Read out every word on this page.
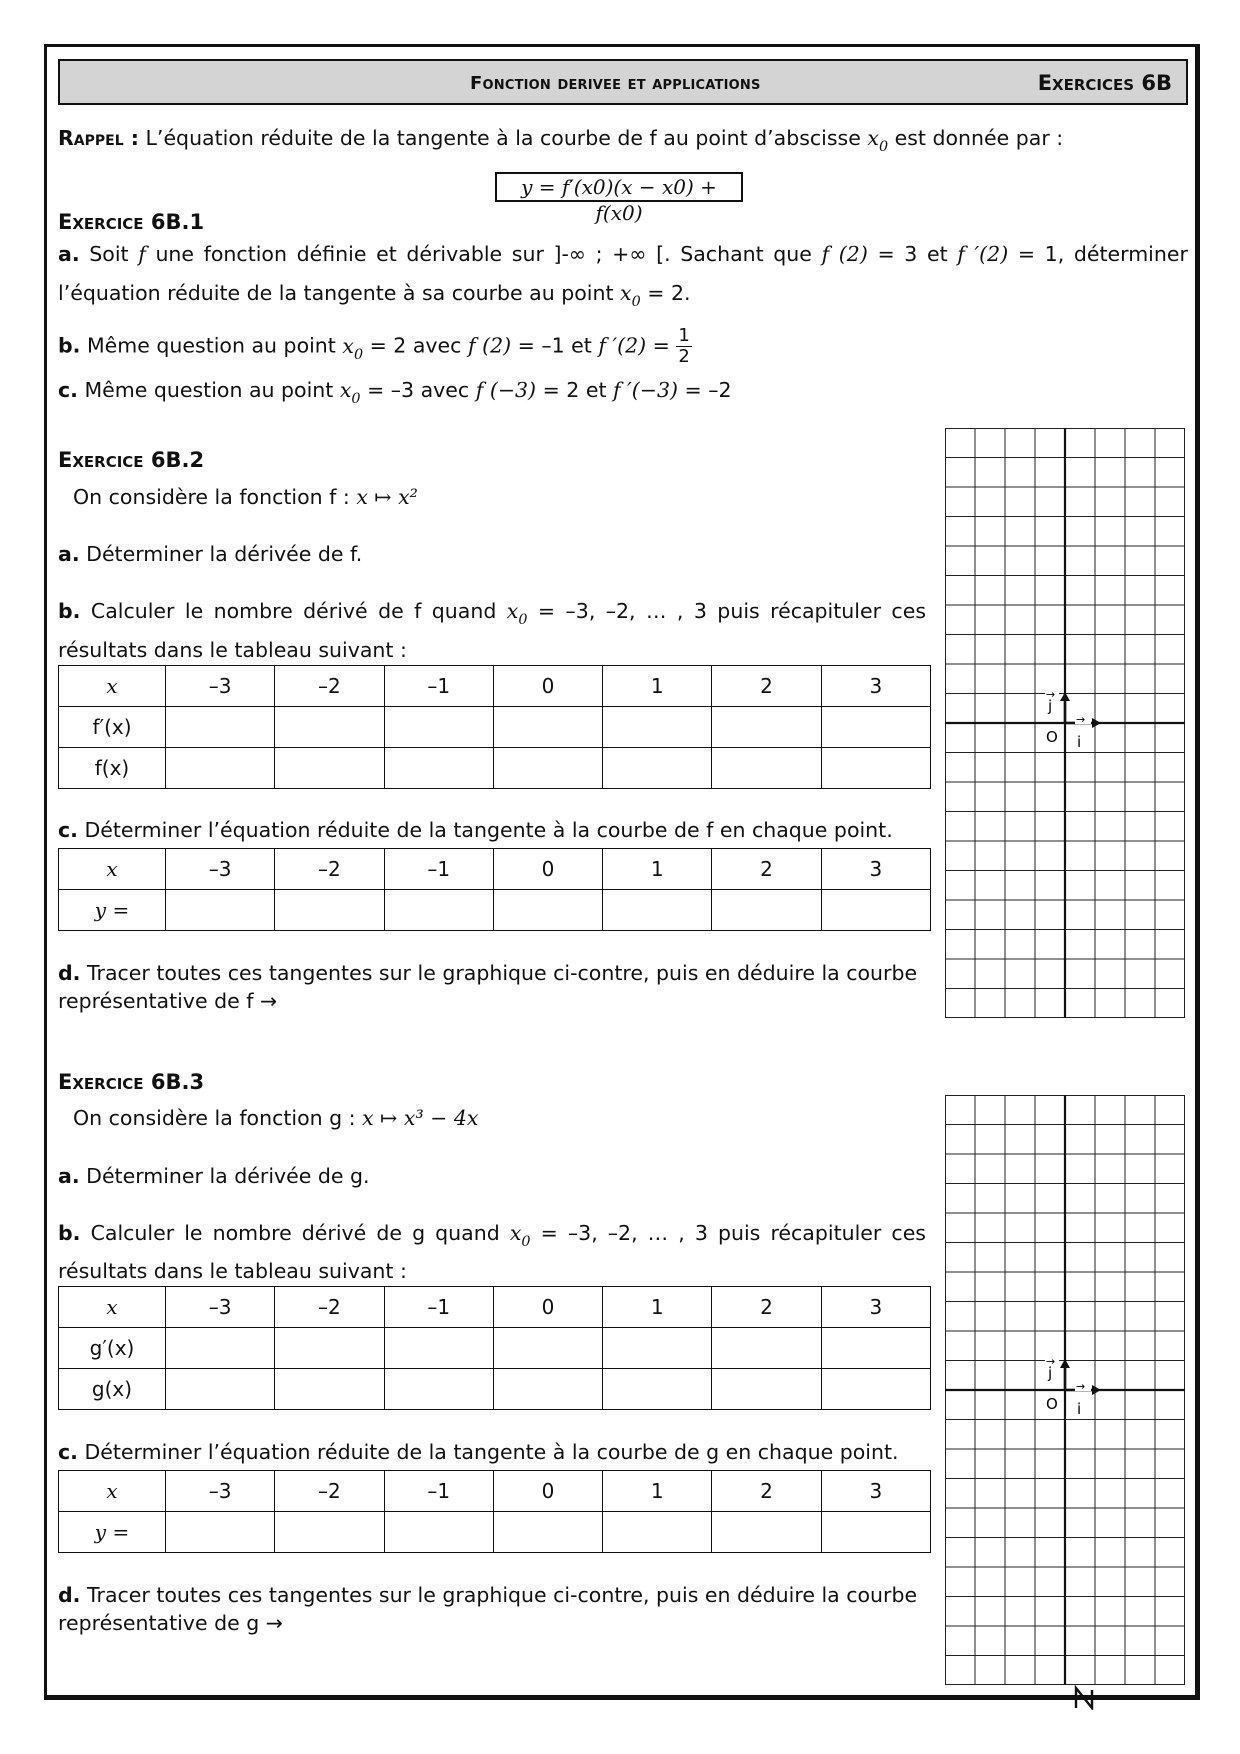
Fonction derivee et applications	Exercices 6B
Rappel : L’équation réduite de la tangente à la courbe de f au point d’abscisse $x_0$ est donnée par :
y = f′(x0)(x − x0) + f(x0)
Exercice 6B.1
a. Soit f une fonction définie et dérivable sur ]-∞ ; +∞ [. Sachant que f (2) = 3 et f ′(2) = 1, déterminer
l’équation réduite de la tangente à sa courbe au point $x_0 = 2$.
b. Même question au point $x_0 = 2$ avec f (2) = –1 et f $'(2) = \frac{1}{2}$
c. Même question au point $x_0 = -3$ avec f (−3) = 2 et f ′(−3) = –2
Exercice 6B.2
On considère la fonction f : x ↦ x²
a. Déterminer la dérivée de f.
b. Calculer le nombre dérivé de f quand $x_0 = -3$, –2, … , 3 puis récapituler ces
résultats dans le tableau suivant :
x	–3	–2	–1	0	1	2	3
f′(x)							
f(x)							
c. Déterminer l’équation réduite de la tangente à la courbe de f en chaque point.
x	–3	–2	–1	0	1	2	3
y =							
d. Tracer toutes ces tangentes sur le graphique ci-contre, puis en déduire la courbe
représentative de f →
Exercice 6B.3
On considère la fonction g : x ↦ x³ − 4x
a. Déterminer la dérivée de g.
b. Calculer le nombre dérivé de g quand $x_0 = -3$, –2, … , 3 puis récapituler ces
résultats dans le tableau suivant :
x	–3	–2	–1	0	1	2	3
g′(x)							
g(x)							
c. Déterminer l’équation réduite de la tangente à la courbe de g en chaque point.
x	–3	–2	–1	0	1	2	3
y =							
d. Tracer toutes ces tangentes sur le graphique ci-contre, puis en déduire la courbe
représentative de g →
→
j
O
→
i
→
j
O
→
i
